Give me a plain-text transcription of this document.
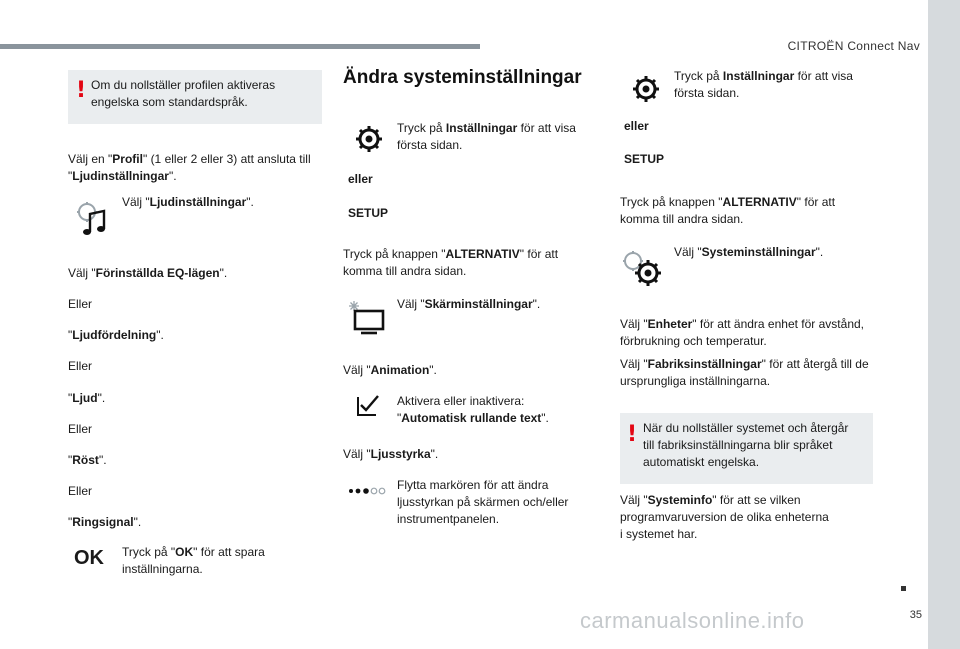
CITROËN Connect Nav
35
carmanualsonline.info
! Om du nollställer profilen aktiveras engelska som standardspråk.
Välj en "Profil" (1 eller 2 eller 3) att ansluta till
"Ljudinställningar".
Välj "Ljudinställningar".
Välj "Förinställda EQ-lägen".
Eller
"Ljudfördelning".
Eller
"Ljud".
Eller
"Röst".
Eller
"Ringsignal".
OK Tryck på "OK" för att spara
inställningarna.
Ändra systeminställningar
Tryck på Inställningar för att visa
första sidan.
eller
SETUP
Tryck på knappen "ALTERNATIV" för att
komma till andra sidan.
Välj "Skärminställningar".
Välj "Animation".
Aktivera eller inaktivera:
"Automatisk rullande text".
Välj "Ljusstyrka".
Flytta markören för att ändra
ljusstyrkan på skärmen och/eller
instrumentpanelen.
Tryck på Inställningar för att visa
första sidan.
eller
SETUP
Tryck på knappen "ALTERNATIV" för att
komma till andra sidan.
Välj "Systeminställningar".
Välj "Enheter" för att ändra enhet för avstånd,
förbrukning och temperatur.
Välj "Fabriksinställningar" för att återgå till de
ursprungliga inställningarna.
! När du nollställer systemet och återgår
till fabriksinställningarna blir språket
automatiskt engelska.
Välj "Systeminfo" för att se vilken
programvaruversion de olika enheterna
i systemet har.
